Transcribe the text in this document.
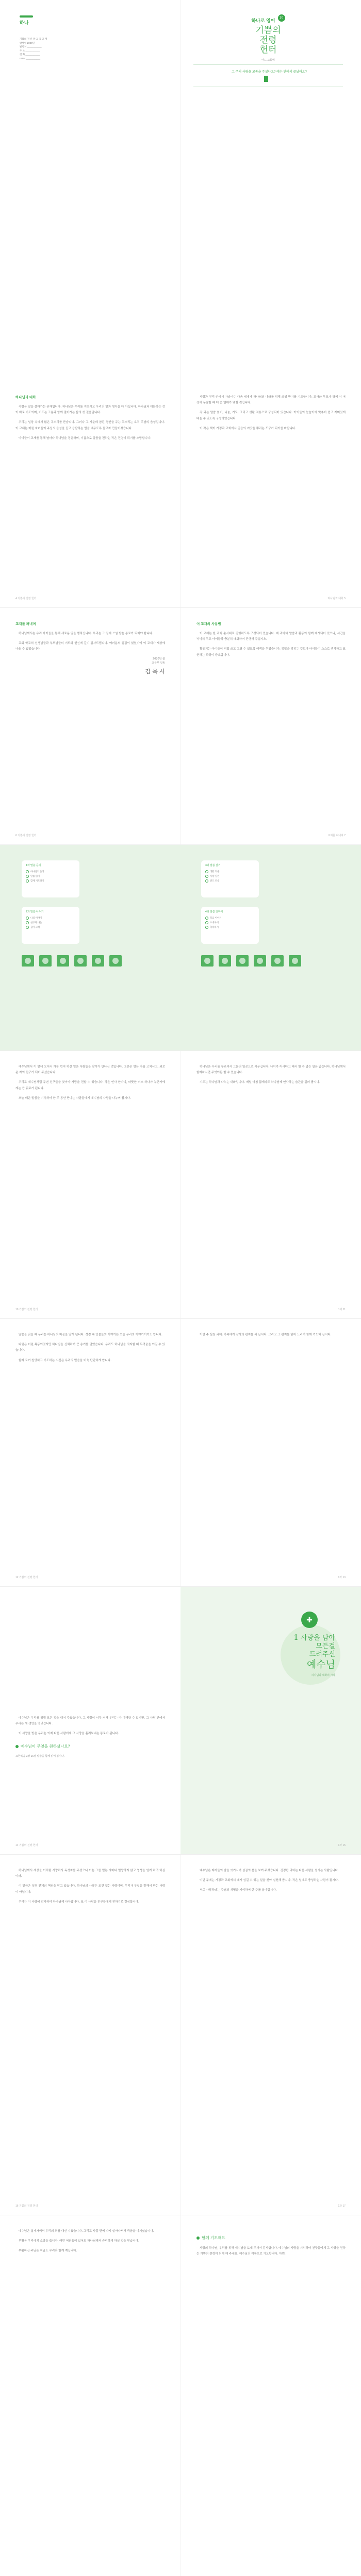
하나
기쁨의 전 신 앙 교 육 교 재
발행일 2020년
발행처 ___________
주 소 ___________
전 화 ___________
ISBN ___________
하나로 영어 10
기쁨의
전령
헌터
어느 교회에
그 주의 사람을 고통을 주셨나요? 예수 안에서 끝났어요?
하나님과 대화

사람은 말을 살아가는 존재입니다. 하나님은 우리를 지으시고 우리의 말과 생각을 다 아십니다. 하나님과 대화하는 것이 바로 기도이며, 기도는 그분과 함께 걸어가는 삶의 첫 걸음입니다.

우리는 일상 속에서 많은 목소리를 듣습니다. 그러나 그 가운데 참된 평안을 주는 목소리는 오직 주님의 음성입니다. 이 교재는 어린 자녀들이 주님의 음성을 듣고 응답하는 법을 배우도록 돕고자 만들어졌습니다.

아이들이 교재를 통해 날마다 하나님을 경험하며, 기쁨으로 말씀을 전하는 작은 전령이 되기를 소망합니다.

4 기쁨의 전령 헌터

사랑과 진리 안에서 자라나는 다음 세대가 하나님의 나라를 위해 쓰임 받기를 기도합니다. 교사와 부모가 함께 이 여정에 동참할 때 더 큰 열매가 맺힐 것입니다.

각 과는 말씀 읽기, 나눔, 기도, 그리고 생활 적용으로 구성되어 있습니다. 아이들의 눈높이에 맞추어 쉽고 재미있게 배울 수 있도록 구성하였습니다.

이 작은 책이 가정과 교회에서 믿음의 씨앗을 뿌리는 도구가 되기를 바랍니다.

하나님과 대화 5
교재를 펴내며

하나님께서는 우리 아이들을 통해 새로운 일을 행하십니다. 우리는 그 일에 쓰임 받는 통로가 되어야 합니다.

교회 학교의 선생님들과 부모님들의 기도와 헌신에 깊이 감사드립니다. 여러분의 섬김이 있었기에 이 교재가 세상에 나올 수 있었습니다.

2020년 봄
교육부 일동
김 목 사
6 기쁨의 전령 헌터
이 교재의 사용법

이 교재는 한 과씩 순서대로 진행하도록 구성되어 있습니다. 매 과마다 말씀과 활동이 함께 제시되어 있으니, 시간을 넉넉히 두고 아이들과 충분히 대화하며 진행해 주십시오.

활동지는 아이들이 직접 쓰고 그릴 수 있도록 여백을 두었습니다. 정답을 맞히는 것보다 아이들이 스스로 생각하고 표현하는 과정이 중요합니다.

교재를 펴내며 7
1과 말씀 듣기
하나님의 음성
말씀 읽기
함께 기도하기
2과 말씀 나누기
나의 이야기
친구와 나눔
감사 고백
3과 말씀 살기
생활 적용
사랑 실천
전도 연습
4과 말씀 전하기
복음 이야기
초대하기
축복하기

예수님께서 이 땅에 오셔서 가장 먼저 하신 일은 사람들을 찾아가 만나신 것입니다. 그분은 병든 자를 고치시고, 외로운 자의 친구가 되어 주셨습니다.

우리도 예수님처럼 주변 친구들을 찾아가 사랑을 전할 수 있습니다. 작은 인사 한마디, 따뜻한 미소 하나가 누군가에게는 큰 위로가 됩니다.

오늘 배운 말씀을 기억하며 한 주 동안 만나는 사람들에게 예수님의 사랑을 나누어 봅시다.

10 기쁨의 전령 헌터

하나님은 우리를 부르셔서 그분의 일꾼으로 세우십니다. 나이가 어리다고 해서 할 수 없는 일은 없습니다. 하나님께서 함께하시면 무엇이든 할 수 있습니다.

기도는 하나님과 나누는 대화입니다. 매일 아침 짧게라도 하나님께 인사하는 습관을 길러 봅시다.

1과 11

말씀을 읽을 때 우리는 하나님의 마음을 알게 됩니다. 성경 속 인물들의 이야기는 오늘 우리의 이야기이기도 합니다.

다윗은 어린 목동이었지만 하나님을 신뢰하여 큰 용기를 얻었습니다. 우리도 하나님을 의지할 때 두려움을 이길 수 있습니다.

함께 모여 찬양하고 기도하는 시간은 우리의 믿음을 더욱 단단하게 합니다.

12 기쁨의 전령 헌터

이번 주 실천 과제: 가족에게 감사의 편지를 써 봅시다. 그리고 그 편지를 읽어 드리며 함께 기도해 봅시다.

1과 13
✚
1 사랑을 담아
모든걸
드려주신
예수님
하나님과 대화의 시작

예수님은 우리를 위해 모든 것을 내어 주셨습니다. 그 사랑이 너무 커서 우리는 다 이해할 수 없지만, 그 사랑 안에서 우리는 새 생명을 얻었습니다.

이 사랑을 받은 우리는 이제 다른 사람에게 그 사랑을 흘려보내는 통로가 됩니다.

예수님이 무엇을 원하셨나요?
요한복음 3장 16절 말씀을 함께 읽어 봅시다.
14 기쁨의 전령 헌터	1과 15

하나님께서 세상을 이처럼 사랑하사 독생자를 주셨으니 이는 그를 믿는 자마다 멸망하지 않고 영생을 얻게 하려 하심이라.

이 말씀은 성경 전체의 핵심을 담고 있습니다. 하나님의 사랑은 조건 없는 사랑이며, 우리가 무엇을 잘해서 받는 사랑이 아닙니다.

우리는 이 사랑에 감사하며 하나님께 나아갑니다. 또 이 사랑을 친구들에게 전하기로 결심합니다.

16 기쁨의 전령 헌터

예수님은 제자들의 발을 씻기시며 섬김의 본을 보여 주셨습니다. 진정한 리더는 다른 사람을 섬기는 사람입니다.

이번 주에는 가정과 교회에서 내가 섬길 수 있는 일을 찾아 실천해 봅시다. 작은 일에도 충성하는 사람이 됩시다.

서로 사랑하라는 주님의 계명을 기억하며 한 주를 살아갑시다.

1과 17

예수님은 십자가에서 우리의 죄를 대신 지셨습니다. 그리고 사흘 만에 다시 살아나셔서 죽음을 이기셨습니다.

부활은 우리에게 소망을 줍니다. 어떤 어려움이 있어도 하나님께서 승리하게 하실 것을 믿습니다.

부활하신 주님은 지금도 우리와 함께 계십니다.

함께 기도해요

사랑의 하나님, 우리를 위해 예수님을 보내 주셔서 감사합니다. 예수님의 사랑을 기억하며 친구들에게 그 사랑을 전하는 기쁨의 전령이 되게 해 주세요. 예수님의 이름으로 기도합니다. 아멘.
